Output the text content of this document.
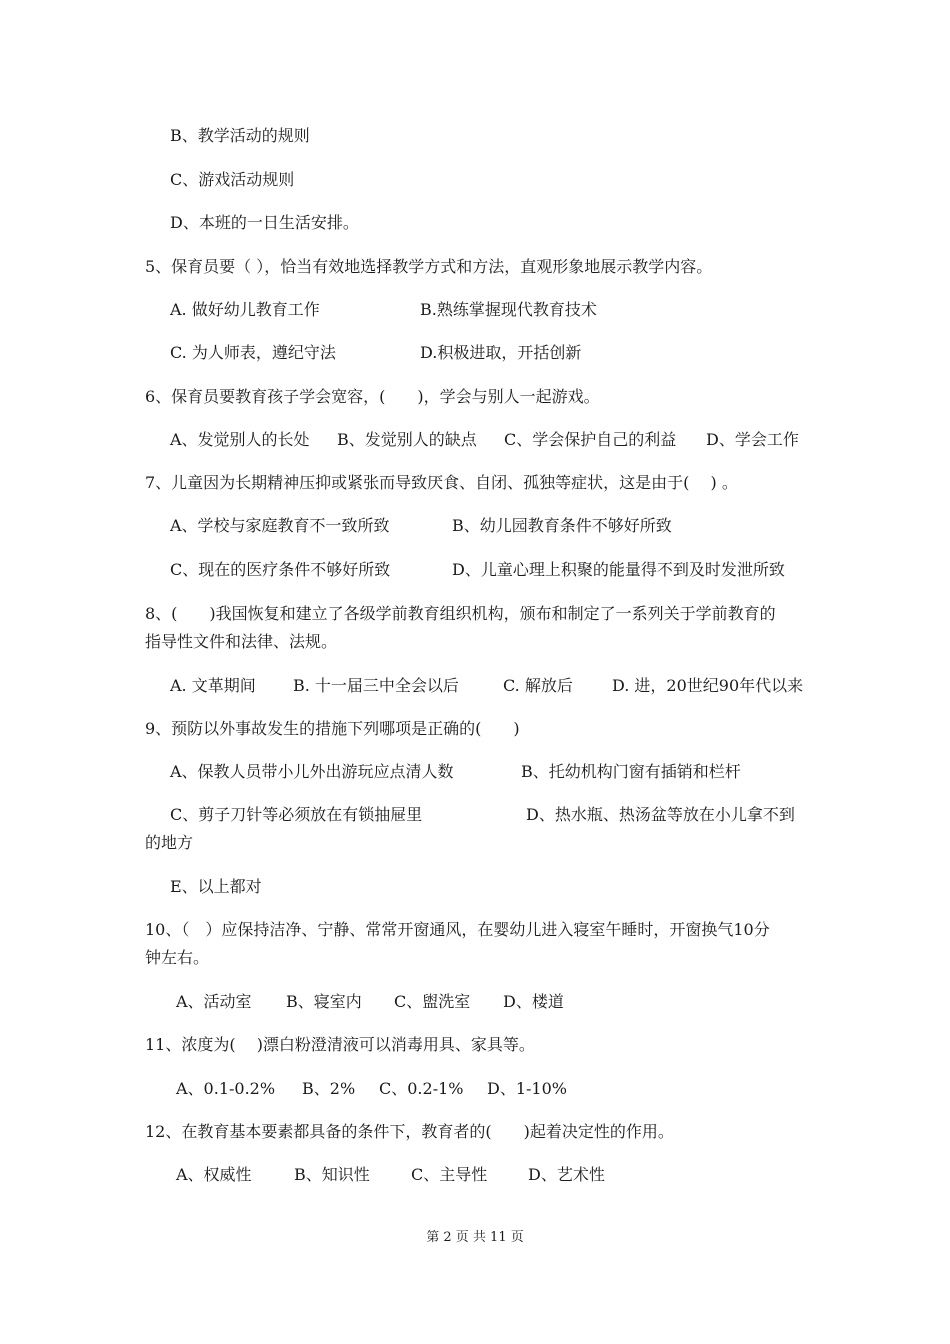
B、教学活动的规则
C、游戏活动规则
D、本班的一日生活安排。
5、保育员要（ ），恰当有效地选择教学方式和方法，直观形象地展示教学内容。
A. 做好幼儿教育工作	B.熟练掌握现代教育技术
C. 为人师表，遵纪守法	D.积极进取，开括创新
6、保育员要教育孩子学会宽容，(　　)，学会与别人一起游戏。
A、发觉别人的长处 B、发觉别人的缺点 C、学会保护自己的利益 D、学会工作
7、儿童因为长期精神压抑或紧张而导致厌食、自闭、孤独等症状，这是由于(　 ) 。
A、学校与家庭教育不一致所致	B、幼儿园教育条件不够好所致
C、现在的医疗条件不够好所致	D、儿童心理上积聚的能量得不到及时发泄所致
8、(　　)我国恢复和建立了各级学前教育组织机构，颁布和制定了一系列关于学前教育的
指导性文件和法律、法规。
A. 文革期间 B. 十一届三中全会以后	C. 解放后 D. 进，20世纪90年代以来
9、预防以外事故发生的措施下列哪项是正确的(　　)
A、保教人员带小儿外出游玩应点清人数	B、托幼机构门窗有插销和栏杆
C、剪子刀针等必须放在有锁抽屉里	D、热水瓶、热汤盆等放在小儿拿不到
的地方
E、以上都对
10、（　）应保持洁净、宁静、常常开窗通风，在婴幼儿进入寝室午睡时，开窗换气10分
钟左右。
A、活动室 B、寝室内 C、盥洗室 D、楼道
11、浓度为(　 )漂白粉澄清液可以消毒用具、家具等。
A、0.1-0.2% B、2% C、0.2-1% D、1-10%
12、在教育基本要素都具备的条件下，教育者的(　　)起着决定性的作用。
A、权威性	B、知识性	C、主导性	D、艺术性
第 2 页 共 11 页
